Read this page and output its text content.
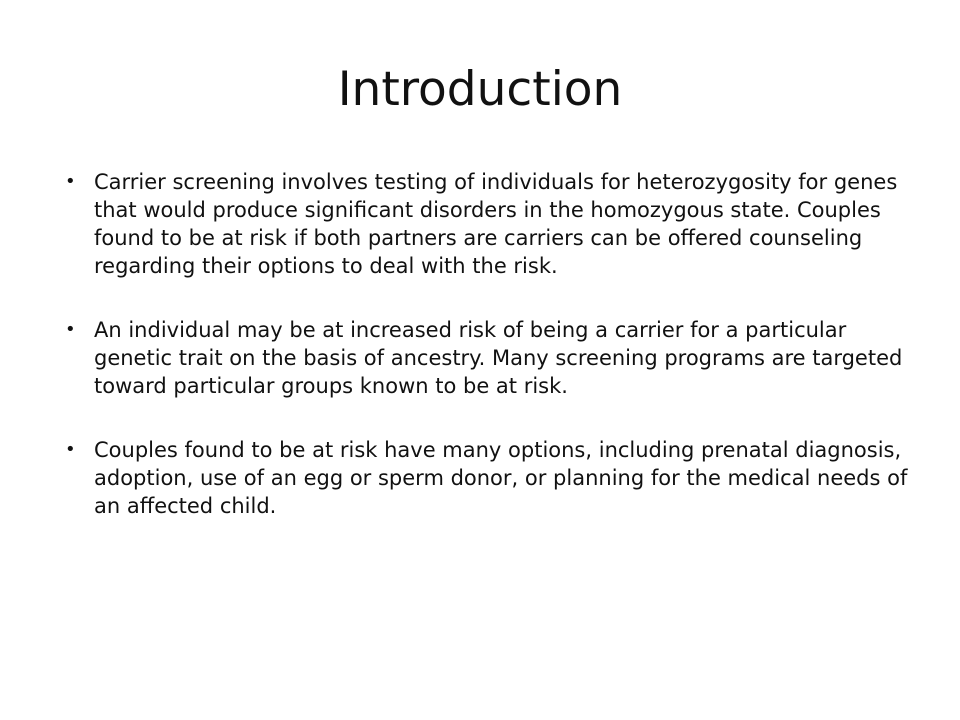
Introduction
• Carrier screening involves testing of individuals for heterozygosity for genes that would produce significant disorders in the homozygous state. Couples found to be at risk if both partners are carriers can be offered counseling regarding their options to deal with the risk.
• An individual may be at increased risk of being a carrier for a particular genetic trait on the basis of ancestry. Many screening programs are targeted toward particular groups known to be at risk.
• Couples found to be at risk have many options, including prenatal diagnosis, adoption, use of an egg or sperm donor, or planning for the medical needs of an affected child.
